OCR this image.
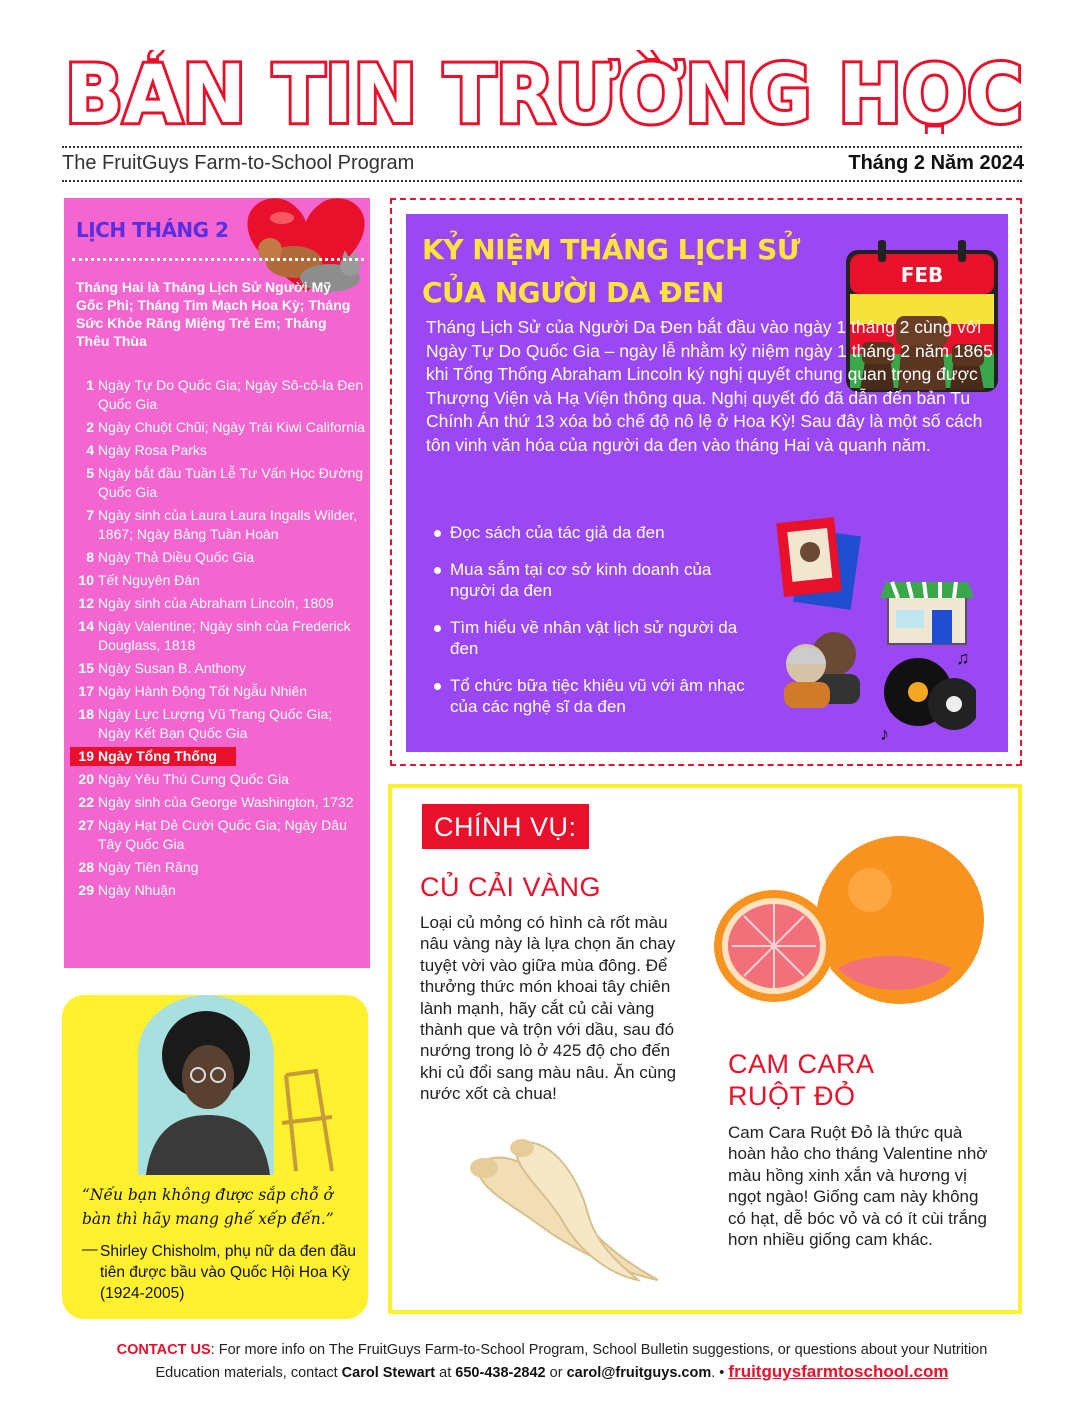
BẢN TIN TRƯỜNG HỌC
The FruitGuys Farm-to-School Program	Tháng 2 Năm 2024
LỊCH THÁNG 2
Tháng Hai là Tháng Lịch Sử Người Mỹ Gốc Phi; Tháng Tim Mạch Hoa Kỳ; Tháng Sức Khỏe Răng Miệng Trẻ Em; Tháng Thêu Thùa
1 Ngày Tự Do Quốc Gia; Ngày Sô-cô-la Đen Quốc Gia
2 Ngày Chuột Chũi; Ngày Trái Kiwi California
4 Ngày Rosa Parks
5 Ngày bắt đầu Tuần Lễ Tư Vấn Học Đường Quốc Gia
7 Ngày sinh của Laura Laura Ingalls Wilder, 1867; Ngày Bảng Tuần Hoàn
8 Ngày Thả Diều Quốc Gia
10 Tết Nguyên Đán
12 Ngày sinh của Abraham Lincoln, 1809
14 Ngày Valentine; Ngày sinh của Frederick Douglass, 1818
15 Ngày Susan B. Anthony
17 Ngày Hành Động Tốt Ngẫu Nhiên
18 Ngày Lực Lượng Vũ Trang Quốc Gia; Ngày Kết Bạn Quốc Gia
19 Ngày Tổng Thống
20 Ngày Yêu Thú Cưng Quốc Gia
22 Ngày sinh của George Washington, 1732
27 Ngày Hạt Dẻ Cười Quốc Gia; Ngày Dâu Tây Quốc Gia
28 Ngày Tiên Răng
29 Ngày Nhuận
“Nếu bạn không được sắp chỗ ở bàn thì hãy mang ghế xếp đến.”
— Shirley Chisholm, phụ nữ da đen đầu tiên được bầu vào Quốc Hội Hoa Kỳ (1924-2005)
KỶ NIỆM THÁNG LỊCH SỬ
CỦA NGƯỜI DA ĐEN
FEB
Tháng Lịch Sử của Người Da Đen bắt đầu vào ngày 1 tháng 2 cùng với Ngày Tự Do Quốc Gia – ngày lễ nhằm kỷ niệm ngày 1 tháng 2 năm 1865 khi Tổng Thống Abraham Lincoln ký nghị quyết chung quan trọng được Thượng Viện và Hạ Viện thông qua. Nghị quyết đó đã dẫn đến bản Tu Chính Án thứ 13 xóa bỏ chế độ nô lệ ở Hoa Kỳ! Sau đây là một số cách tôn vinh văn hóa của người da đen vào tháng Hai và quanh năm.
Đọc sách của tác giả da đen
Mua sắm tại cơ sở kinh doanh của người da đen
Tìm hiểu về nhân vật lịch sử người da đen
Tổ chức bữa tiệc khiêu vũ với âm nhạc của các nghệ sĩ da đen
♫
♪
CHÍNH VỤ:
CỦ CẢI VÀNG
Loại củ mỏng có hình cà rốt màu nâu vàng này là lựa chọn ăn chay tuyệt vời vào giữa mùa đông. Để thưởng thức món khoai tây chiên lành mạnh, hãy cắt củ cải vàng thành que và trộn với dầu, sau đó nướng trong lò ở 425 độ cho đến khi củ đổi sang màu nâu. Ăn cùng nước xốt cà chua!
CAM CARA
RUỘT ĐỎ
Cam Cara Ruột Đỏ là thức quà hoàn hảo cho tháng Valentine nhờ màu hồng xinh xắn và hương vị ngọt ngào! Giống cam này không có hạt, dễ bóc vỏ và có ít cùi trắng hơn nhiều giống cam khác.
CONTACT US: For more info on The FruitGuys Farm-to-School Program, School Bulletin suggestions, or questions about your Nutrition Education materials, contact Carol Stewart at 650-438-2842 or carol@fruitguys.com. • fruitguysfarmtoschool.com
